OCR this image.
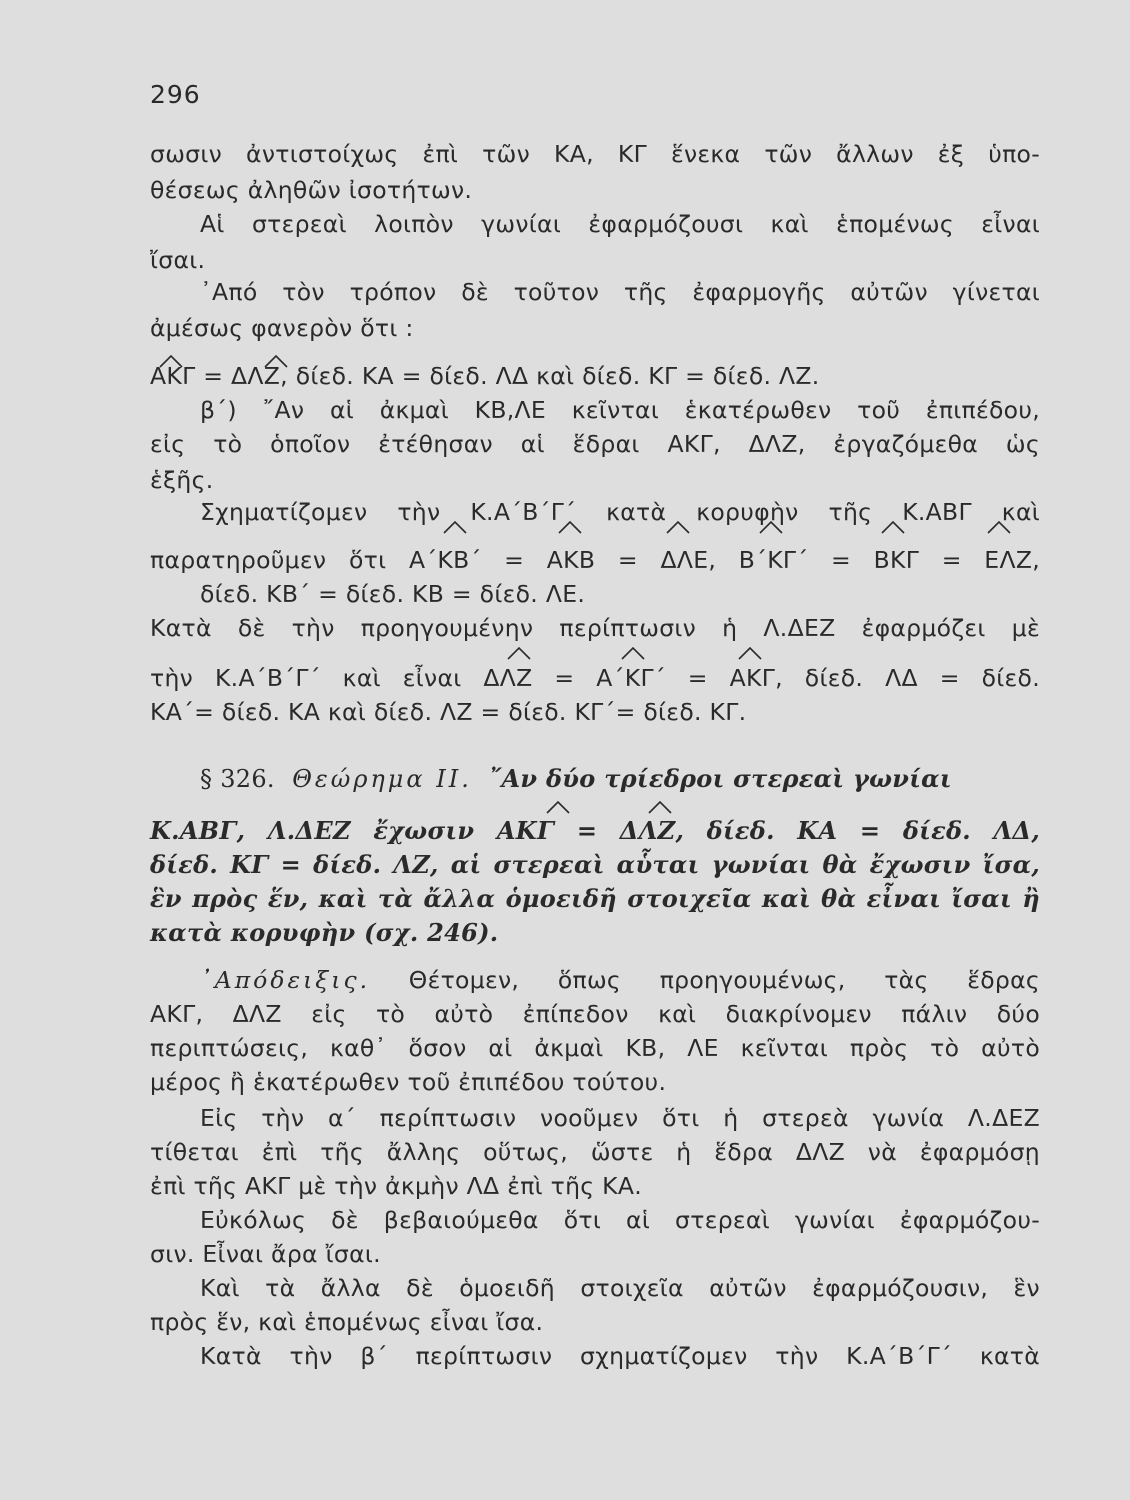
296
σωσιν ἀντιστοίχως ἐπὶ τῶν ΚΑ, ΚΓ ἕνεκα τῶν ἄλλων ἐξ ὑπο-
θέσεως ἀληθῶν ἰσοτήτων.
Αἱ στερεαὶ λοιπὸν γωνίαι ἐφαρμόζουσι καὶ ἑπομένως εἶναι
ἴσαι.
᾿Από τὸν τρόπον δὲ τοῦτον τῆς ἐφαρμογῆς αὐτῶν γίνεται
ἀμέσως φανερὸν ὅτι :
ΑΚΓ = ΔΛΖ, δίεδ. ΚΑ = δίεδ. ΛΔ καὶ δίεδ. ΚΓ = δίεδ. ΛΖ.
β΄) ῎Αν αἱ ἀκμαὶ ΚΒ,ΛΕ κεῖνται ἑκατέρωθεν τοῦ ἐπιπέδου,
εἰς τὸ ὁποῖον ἐτέθησαν αἱ ἕδραι ΑΚΓ, ΔΛΖ, ἐργαζόμεθα ὡς
ἑξῆς.
Σχηματίζομεν τὴν Κ.Α΄Β΄Γ΄ κατὰ κορυφὴν τῆς Κ.ΑΒΓ καὶ
παρατηροῦμεν ὅτι Α΄ΚΒ΄ = ΑΚΒ = ΔΛΕ, Β΄ΚΓ΄ = ΒΚΓ = ΕΛΖ,
δίεδ. ΚΒ΄ = δίεδ. ΚΒ = δίεδ. ΛΕ.
Κατὰ δὲ τὴν προηγουμένην περίπτωσιν ἡ Λ.ΔΕΖ ἐφαρμόζει μὲ
τὴν Κ.Α΄Β΄Γ΄ καὶ εἶναι ΔΛΖ = Α΄ΚΓ΄ = ΑΚΓ, δίεδ. ΛΔ = δίεδ.
ΚΑ΄= δίεδ. ΚΑ καὶ δίεδ. ΛΖ = δίεδ. ΚΓ΄= δίεδ. ΚΓ.
§ 326. Θεώρημα ΙΙ. ῎Αν δύο τρίεδροι στερεαὶ γωνίαι
Κ.ΑΒΓ, Λ.ΔΕΖ ἔχωσιν ΑΚΓ = ΔΛΖ, δίεδ. ΚΑ = δίεδ. ΛΔ,
δίεδ. ΚΓ = δίεδ. ΛΖ, αἱ στερεαὶ αὗται γωνίαι θὰ ἔχωσιν ἴσα,
ἓν πρὸς ἕν, καὶ τὰ ἄλλα ὁμοειδῆ στοιχεῖα καὶ θὰ εἶναι ἴσαι ἢ
κατὰ κορυφὴν (σχ. 246).
᾿Απόδειξις. Θέτομεν, ὅπως προηγουμένως, τὰς ἕδρας
ΑΚΓ, ΔΛΖ εἰς τὸ αὐτὸ ἐπίπεδον καὶ διακρίνομεν πάλιν δύο
περιπτώσεις, καθ᾿ ὅσον αἱ ἀκμαὶ ΚΒ, ΛΕ κεῖνται πρὸς τὸ αὐτὸ
μέρος ἢ ἑκατέρωθεν τοῦ ἐπιπέδου τούτου.
Εἰς τὴν α΄ περίπτωσιν νοοῦμεν ὅτι ἡ στερεὰ γωνία Λ.ΔΕΖ
τίθεται ἐπὶ τῆς ἄλλης οὕτως, ὥστε ἡ ἕδρα ΔΛΖ νὰ ἐφαρμόσῃ
ἐπὶ τῆς ΑΚΓ μὲ τὴν ἀκμὴν ΛΔ ἐπὶ τῆς ΚΑ.
Εὐκόλως δὲ βεβαιούμεθα ὅτι αἱ στερεαὶ γωνίαι ἐφαρμόζου-
σιν. Εἶναι ἄρα ἴσαι.
Καὶ τὰ ἄλλα δὲ ὁμοειδῆ στοιχεῖα αὐτῶν ἐφαρμόζουσιν, ἓν
πρὸς ἕν, καὶ ἑπομένως εἶναι ἴσα.
Κατὰ τὴν β΄ περίπτωσιν σχηματίζομεν τὴν Κ.Α΄Β΄Γ΄ κατὰ
